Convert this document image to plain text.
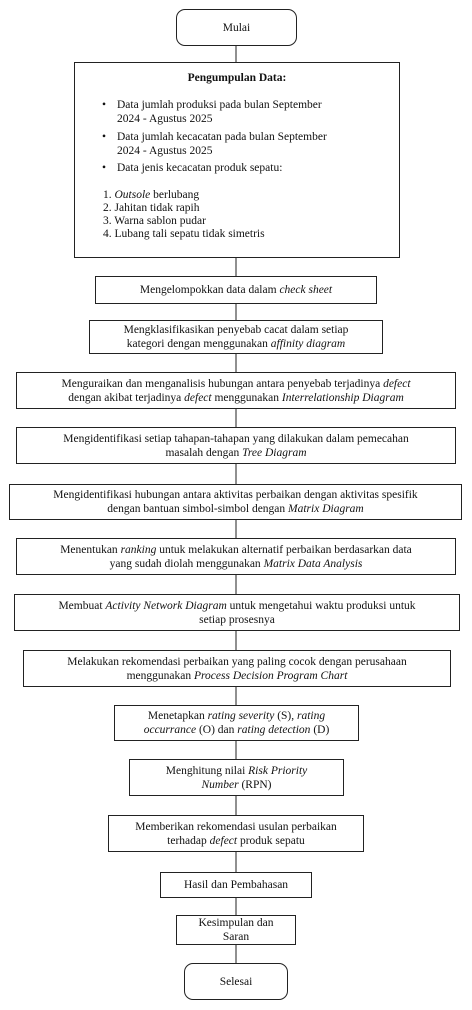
Mulai
Pengumpulan Data:
• Data jumlah produksi pada bulan September
2024 - Agustus 2025
• Data jumlah kecacatan pada bulan September
2024 - Agustus 2025
• Data jenis kecacatan produk sepatu:
1. Outsole berlubang
2. Jahitan tidak rapih
3. Warna sablon pudar
4. Lubang tali sepatu tidak simetris
Mengelompokkan data dalam check sheet
Mengklasifikasikan penyebab cacat dalam setiap
kategori dengan menggunakan affinity diagram
Menguraikan dan menganalisis hubungan antara penyebab terjadinya defect
dengan akibat terjadinya defect menggunakan Interrelationship Diagram
Mengidentifikasi setiap tahapan-tahapan yang dilakukan dalam pemecahan
masalah dengan Tree Diagram
Mengidentifikasi hubungan antara aktivitas perbaikan dengan aktivitas spesifik
dengan bantuan simbol-simbol dengan Matrix Diagram
Menentukan ranking untuk melakukan alternatif perbaikan berdasarkan data
yang sudah diolah menggunakan Matrix Data Analysis
Membuat Activity Network Diagram untuk mengetahui waktu produksi untuk
setiap prosesnya
Melakukan rekomendasi perbaikan yang paling cocok dengan perusahaan
menggunakan Process Decision Program Chart
Menetapkan rating severity (S), rating
occurrance (O) dan rating detection (D)
Menghitung nilai Risk Priority
Number (RPN)
Memberikan rekomendasi usulan perbaikan
terhadap defect produk sepatu
Hasil dan Pembahasan
Kesimpulan dan
Saran
Selesai
